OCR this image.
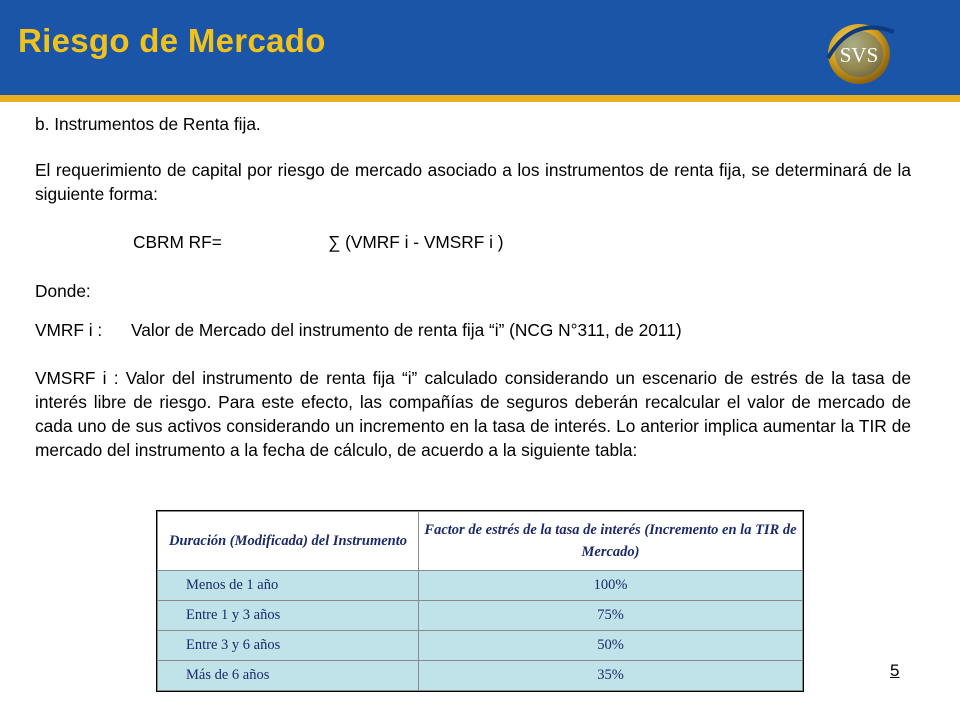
Riesgo de Mercado	SVS
b. Instrumentos de Renta fija.
El requerimiento de capital por riesgo de mercado asociado a los instrumentos de renta fija, se determinará de la siguiente forma:
CBRM RF=	∑ (VMRF i - VMSRF i )
Donde:
VMRF i : Valor de Mercado del instrumento de renta fija “i” (NCG N°311, de 2011)
VMSRF i : Valor del instrumento de renta fija “i” calculado considerando un escenario de estrés de la tasa de interés libre de riesgo. Para este efecto, las compañías de seguros deberán recalcular el valor de mercado de cada uno de sus activos considerando un incremento en la tasa de interés. Lo anterior implica aumentar la TIR de mercado del instrumento a la fecha de cálculo, de acuerdo a la siguiente tabla:
Duración (Modificada) del Instrumento	Factor de estrés de la tasa de interés (Incremento en la TIR de Mercado)
Menos de 1 año	100%
Entre 1 y 3 años	75%
Entre 3 y 6 años	50%
Más de 6 años	35%	5
